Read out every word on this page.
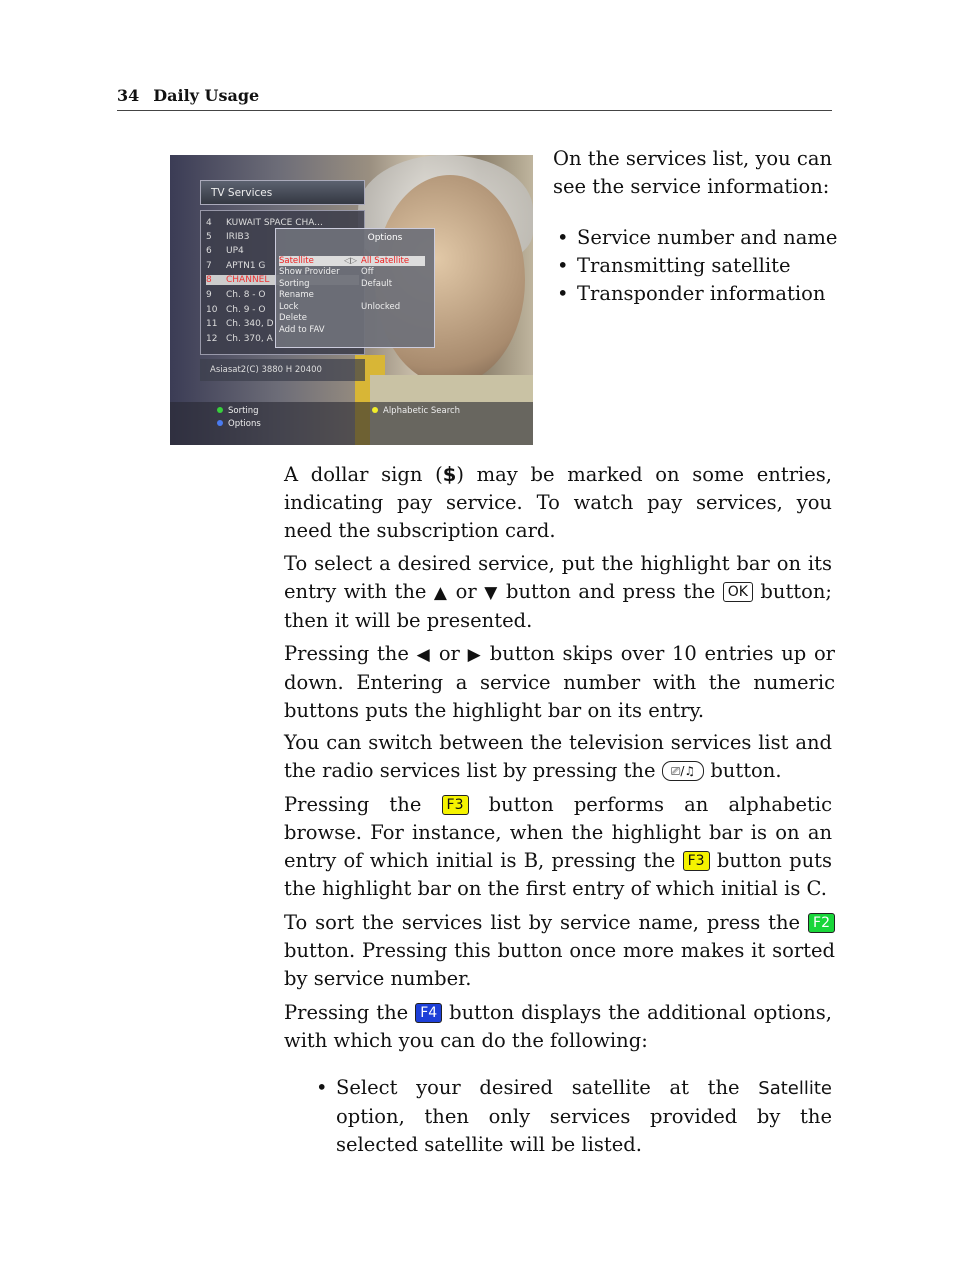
34 Daily Usage
TV Services
4 KUWAIT SPACE CHA...
5 IRIB3
6 UP4
7 APTN1 G
8 CHANNEL
9 Ch. 8 - O
10 Ch. 9 - O
11 Ch. 340, D
12 Ch. 370, A
Asiasat2(C) 3880 H 20400
Options
Satellite	◁▷ All Satellite
Show Provider	Off
Sorting	Default
Rename
Lock	Unlocked
Delete
Add to FAV
Sorting
Options
Alphabetic Search
On the services list, you can see the service information:
• Service number and name
• Transmitting satellite
• Transponder information
A dollar sign ($) may be marked on some entries, indicating pay service. To watch pay services, you need the subscription card.
To select a desired service, put the highlight bar on its entry with the ▲ or ▼ button and press the OK button; then it will be presented.
Pressing the ◀ or ▶ button skips over 10 entries up or down. Entering a service number with the numeric buttons puts the highlight bar on its entry.
You can switch between the television services list and the radio services list by pressing the ⎚/♫ button.
Pressing the F3 button performs an alphabetic browse. For instance, when the highlight bar is on an entry of which initial is B, pressing the F3 button puts the highlight bar on the first entry of which initial is C.
To sort the services list by service name, press the F2 button. Pressing this button once more makes it sorted by service number.
Pressing the F4 button displays the additional options, with which you can do the following:
• Select your desired satellite at the Satellite option, then only services provided by the selected satellite will be listed.
